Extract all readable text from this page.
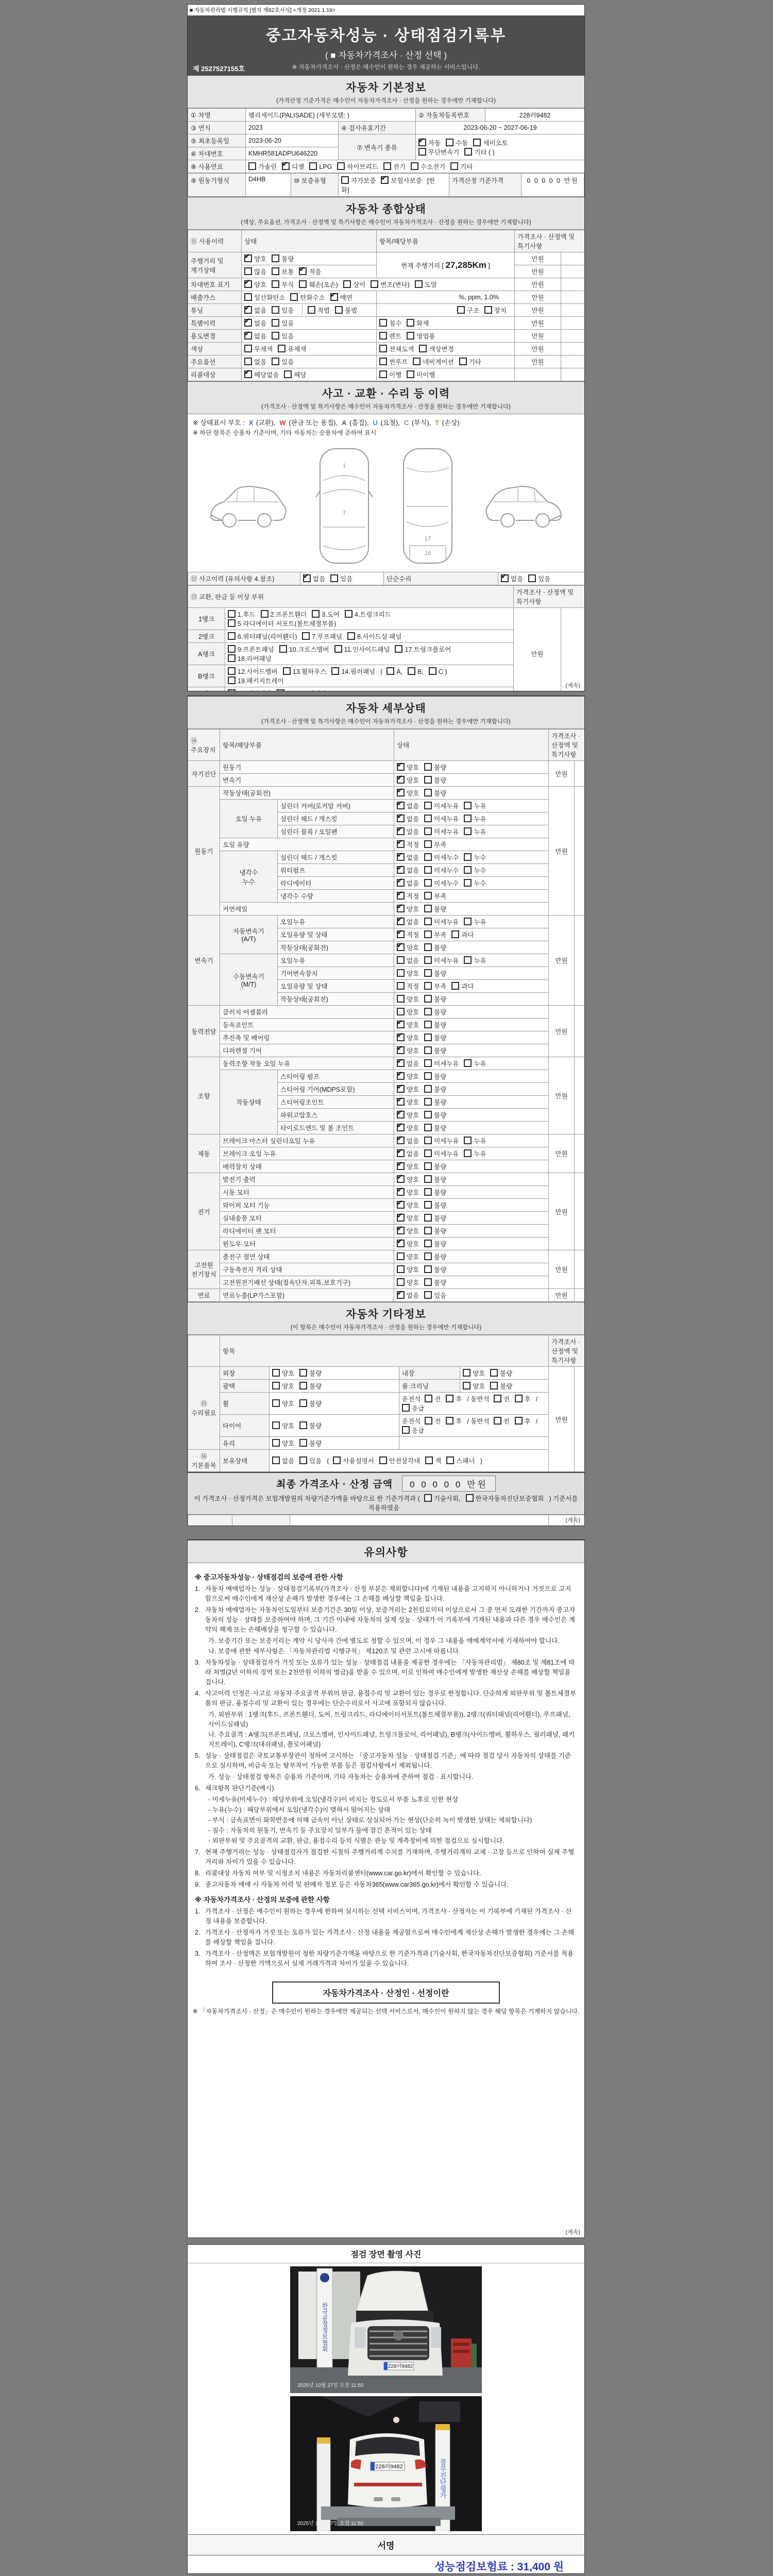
■ 자동차관리법 시행규칙 [별지 제82호서식] <개정 2021.1.19>
중고자동차성능 · 상태점검기록부
( ■ 자동차가격조사 · 산정 선택 )
※ 자동차가격조사 · 산정은 매수인이 원하는 경우 제공하는 서비스입니다.
제 2527527155호
자동차 기본정보
(가격산정 기준가격은 매수인이 자동차가격조사 · 산정을 원하는 경우에만 기재합니다)
① 차명	팰리세이드(PALISADE) (세부모델: )		② 자동차등록번호	228러9482
③ 연식	2023	④ 검사유효기간	2023-06-20 ~ 2027-06-19	
⑤ 최초등록일	2023-06-20	⑦ 변속기 종류	✔자동 수동 세미오토
무단변속기 기타 ( )
⑥ 차대번호	KMHR581ADPU646220			
⑧ 사용연료	가솔린 ✔ 디젤 LPG 하이브리드 전기 수소전기 기타
⑨ 원동기형식	D4HB	⑩ 보증유형	자가보증 ✔ 보험사보증 [한화]
가격산정 기준가격	0 0 0 0 0 만원
자동차 종합상태
(색상, 주요옵션, 가격조사 · 산정액 및 특기사항은 매수인이 자동차가격조사 · 산정을 원하는 경우에만 기재합니다)
⑪ 사용이력	상태	항목/해당부품	가격조사 · 산정액 및 특기사항	
주행거리 및 계기상태	✔양호 불량	현재 주행거리 [ 27,285Km ]	만원	
	많음 보통 ✔ 적음		만원	
차대번호 표기	✔양호 부식 훼손(오손) 상이 변조(변타) 도말		만원	
배출가스	일산화탄소 탄화수소 ✔ 매연	%, ppm, 1.0%	만원	
튜닝	✔없음 있음 적법 불법	구조 장치	만원	
특별이력	✔없음 있음	침수 화재	만원	
용도변경	✔없음 있음	렌트 영업용	만원	
색상	무채색 유채색	전체도색 색상변경	만원	
주요옵션	없음 있음	썬루프 네비게이션 기타	만원	
리콜대상	✔해당없음 해당	이행 미이행		
사고 · 교환 · 수리 등 이력
(가격조사 · 산정액 및 특기사항은 매수인이 자동차가격조사 · 산정을 원하는 경우에만 기재합니다)
※ 상태표시 부호 : X (교환), W (판금 또는 용접), A (흠집), U (요철), C (부식), T (손상)
※ 하단 항목은 승용차 기준이며, 기타 자동차는 승용차에 준하여 표시
1
7
17
18
⑫ 사고이력 (유의사항 4.참조)	✔없음 있음	단순수리	✔없음 있음
⑬ 교환, 판금 등 이상 부위		가격조사 · 산정액 및 특기사항	
1랭크	1.후드 2.프론트휀더 3.도어 4.트렁크리드
5.라디에이터 서포트(볼트체결부품)	만원	
2랭크	6.쿼터패널(리어휀더) 7.루프패널 8.사이드실 패널		
A랭크	9.프론트패널 10.크로스멤버 11.인사이드패널 17.트렁크플로어
18.리어패널		
B랭크	12.사이드멤버 13.휠하우스 14.필러패널 ( A, B, C )
19.패키지트레이		

(계속)
자동차 세부상태
(가격조사 · 산정액 및 특기사항은 매수인이 자동차가격조사 · 산정을 원하는 경우에만 기재합니다)
⑭ 주요장치	항목/해당부품		상태	가격조사 · 산정액 및 특기사항	
자기진단	원동기	✔양호 불량	만원	
	변속기	✔양호 불량
원동기	작동상태(공회전)	✔양호 불량	만원	
	오일 누유	실린더 커버(로커암 커버)	✔없음 미세누유 누유
		실린더 헤드 / 개스킷	✔없음 미세누유 누유
		실린더 블록 / 오일팬	✔없음 미세누유 누유
	오일 유량	✔적정 부족
	냉각수
누수	실린더 헤드 / 개스킷	✔없음 미세누수 누수
		워터펌프	✔없음 미세누수 누수
		라디에이터	✔없음 미세누수 누수
		냉각수 수량	✔적정 부족
	커먼레일	✔양호 불량
변속기	자동변속기
(A/T)	오일누유	✔없음 미세누유 누유	만원	
		오일유량 및 상태	✔적정 부족 과다
		작동상태(공회전)	✔양호 불량
	수동변속기
(M/T)	오일누유	없음 미세누유 누유		
		기어변속장치	양호 불량		
		오일유량 및 상태	적정 부족 과다		
		작동상태(공회전)	양호 불량		
동력전달	클러치 어셈블리		양호 불량	만원	
	등속죠인트	✔양호 불량
	추진축 및 베어링	✔양호 불량
	디퍼렌셜 기어	✔양호 불량
조향	동력조향 작동 오일 누유	✔없음 미세누유 누유	만원	
	작동상태	스티어링 펌프	✔양호 불량
		스티어링 기어(MDPS포함)	✔양호 불량
		스티어링조인트	✔양호 불량
		파워고압호스	✔양호 불량
		타이로드엔드 및 볼 조인트	✔양호 불량
제동	브레이크 마스터 실린더오일 누유	✔없음 미세누유 누유	만원	
	브레이크 오일 누유	✔없음 미세누유 누유
	배력장치 상태	✔양호 불량
전기	발전기 출력	✔양호 불량	만원	
	시동 모터	✔양호 불량
	와이퍼 모터 기능	✔양호 불량
	실내송풍 모터	✔양호 불량
	라디에이터 팬 모터	✔양호 불량
	윈도우 모터	✔양호 불량
고전원
전기장치	충전구 절연 상태		양호 불량	만원	
	구동축전지 격리 상태		양호 불량		
	고전원전기배선 상태(접속단자,피복,보호기구)		양호 불량		
연료	연료누출(LP가스포함)	✔없음 있음	만원	
자동차 기타정보
(이 항목은 매수인이 자동차가격조사 · 산정을 원하는 경우에만 기재합니다)
	항목				가격조사 · 산정액 및 특기사항	
⑮ 수리필요	외장	양호 불량	내장	양호 불량	만원	
	광택	양호 불량	룸 크리닝	양호 불량		
	휠	양호 불량	운전석 전 후 / 동반석 전 후 /응급			
	타이어	양호 불량	운전석 전 후 / 동반석 전 후 /응급			
	유리	양호 불량				
⑯ 기본품목	보유상태	없음 있음 ( 사용설명서 안전삼각대 잭 스패너 )				
최종 가격조사 · 산정 금액	0 0 0 0 0 만원
이 가격조사 · 산정가격은 보험개발원의 차량기준가액을 바탕으로 한 기준가격과 ( 기술사회, 한국자동차진단보증협회 ) 기준서를 적용하였음

(계속)
유의사항
※ 중고자동차성능 · 상태점검의 보증에 관한 사항
1. 자동차 매매업자는 성능 · 상태점검기록부(가격조사 · 산정 부분은 제외합니다)에 기재된 내용을 고지하지 아니하거나 거짓으로 고지함으로써 매수인에게 재산상 손해가 발생한 경우에는 그 손해를 배상할 책임을 집니다.
2. 자동차 매매업자는 자동차인도일부터 보증기간은 30일 이상, 보증거리는 2천킬로미터 이상으로서 그 중 먼저 도래한 기간까지 중고자동차의 성능 · 상태를 보증하여야 하며, 그 기간 이내에 자동차의 실제 성능 · 상태가 이 기록부에 기재된 내용과 다른 경우 매수인은 계약의 해제 또는 손해배상을 청구할 수 있습니다.
가. 보증기간 또는 보증거리는 계약 시 당사자 간에 별도로 정할 수 있으며, 이 경우 그 내용을 매매계약서에 기재하여야 합니다.
나. 보증에 관한 세부사항은 「자동차관리법 시행규칙」 제120조 및 관련 고시에 따릅니다.
3. 자동차성능 · 상태점검자가 거짓 또는 오류가 있는 성능 · 상태점검 내용을 제공한 경우에는 「자동차관리법」 제80조 및 제81조에 따라 처벌(2년 이하의 징역 또는 2천만원 이하의 벌금)을 받을 수 있으며, 이로 인하여 매수인에게 발생한 재산상 손해를 배상할 책임을 집니다.
4. 사고이력 인정은 사고로 자동차 주요골격 부위의 판금, 용접수리 및 교환이 있는 경우로 한정합니다. 단순하게 외판부위 및 볼트체결부품의 판금, 용접수리 및 교환이 있는 경우에는 단순수리로서 사고에 포함되지 않습니다.
가. 외판부위 : 1랭크(후드, 프론트휀더, 도어, 트렁크리드, 라디에이터서포트(볼트체결부품)), 2랭크(쿼터패널(리어휀더), 루프패널, 사이드실패널)
나. 주요골격 : A랭크(프론트패널, 크로스멤버, 인사이드패널, 트렁크플로어, 리어패널), B랭크(사이드멤버, 휠하우스, 필러패널, 패키지트레이), C랭크(대쉬패널, 플로어패널)
5. 성능 · 상태점검은 국토교통부장관이 정하여 고시하는 「중고자동차 성능 · 상태점검 기준」에 따라 점검 당시 자동차의 상태를 기준으로 실시하며, 비금속 또는 탈부착이 가능한 부품 등은 점검사항에서 제외됩니다.
가. 성능 · 상태점검 항목은 승용차 기준이며, 기타 자동차는 승용차에 준하여 점검 · 표시합니다.
6. 체크항목 판단기준(예시)
- 미세누유(미세누수) : 해당부위에 오일(냉각수)이 비치는 정도로서 부품 노후로 인한 현상
- 누유(누수) : 해당부위에서 오일(냉각수)이 맺혀서 떨어지는 상태
- 부식 : 금속표면이 화학반응에 의해 금속이 아닌 상태로 상실되어 가는 현상(단순히 녹이 발생한 상태는 제외합니다)
- 침수 : 자동차의 원동기, 변속기 등 주요장치 일부가 물에 잠긴 흔적이 있는 상태
- 외판부위 및 주요골격의 교환, 판금, 용접수리 등의 식별은 관능 및 계측장비에 의한 점검으로 실시합니다.
7. 현재 주행거리는 성능 · 상태점검자가 점검한 시점의 주행거리계 수치를 기재하며, 주행거리계의 교체 · 고장 등으로 인하여 실제 주행거리와 차이가 있을 수 있습니다.
8. 리콜대상 자동차 여부 및 시정조치 내용은 자동차리콜센터(www.car.go.kr)에서 확인할 수 있습니다.
9. 중고자동차 매매 시 자동차 이력 및 판매자 정보 등은 자동차365(www.car365.go.kr)에서 확인할 수 있습니다.
※ 자동차가격조사 · 산정의 보증에 관한 사항
1. 가격조사 · 산정은 매수인이 원하는 경우에 한하여 실시하는 선택 서비스이며, 가격조사 · 산정자는 이 기록부에 기재된 가격조사 · 산정 내용을 보증합니다.
2. 가격조사 · 산정자가 거짓 또는 오류가 있는 가격조사 · 산정 내용을 제공함으로써 매수인에게 재산상 손해가 발생한 경우에는 그 손해를 배상할 책임을 집니다.
3. 가격조사 · 산정액은 보험개발원이 정한 차량기준가액을 바탕으로 한 기준가격과 (기술사회, 한국자동차진단보증협회) 기준서를 적용하여 조사 · 산정한 가액으로서 실제 거래가격과 차이가 있을 수 있습니다.
자동차가격조사 · 산정인 · 선정이란
※ 「자동차가격조사 · 산정」은 매수인이 원하는 경우에만 제공되는 선택 서비스로서, 매수인이 원하지 않는 경우 해당 항목은 기재하지 않습니다.
(계속)
점검 장면 촬영 사진
한국공정정보협회
228러9482
2025년 10월 27일 오전 11:50
블루진단평가
228러9482
2025년 10월 27일 오전 11:50
서명
성능점검보험료 : 31,400 원
